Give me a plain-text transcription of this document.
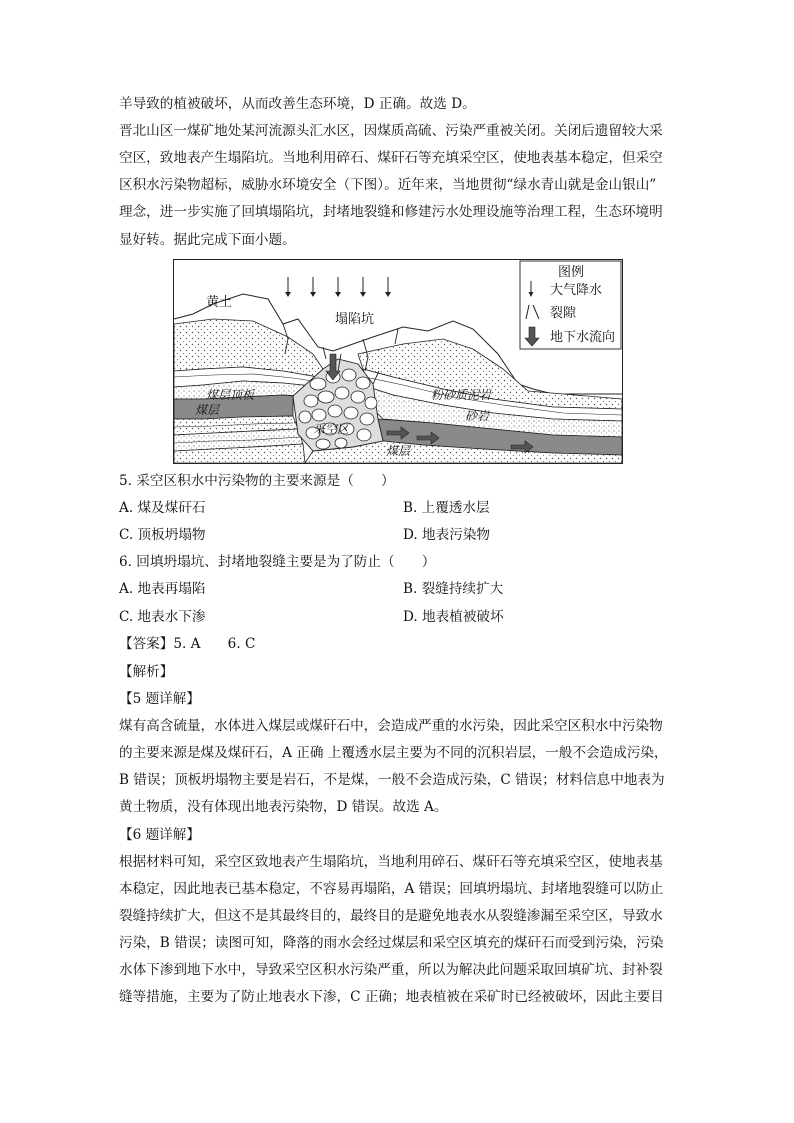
羊导致的植被破坏，从而改善生态环境，D 正确。故选 D。
晋北山区一煤矿地处某河流源头汇水区，因煤质高硫、污染严重被关闭。关闭后遗留较大采
空区，致地表产生塌陷坑。当地利用碎石、煤矸石等充填采空区，使地表基本稳定，但采空
区积水污染物超标，威胁水环境安全（下图）。近年来，当地贯彻“绿水青山就是金山银山”
理念，进一步实施了回填塌陷坑，封堵地裂缝和修建污水处理设施等治理工程，生态环境明
显好转。据此完成下面小题。
黄土
塌陷坑
煤层顶板
煤层
采空区
煤层
粉砂质泥岩
砂岩
图例
大气降水
裂隙
地下水流向
5. 采空区积水中污染物的主要来源是（　　）
A. 煤及煤矸石	B. 上覆透水层
C. 顶板坍塌物	D. 地表污染物
6. 回填坍塌坑、封堵地裂缝主要是为了防止（　　）
A. 地表再塌陷	B. 裂缝持续扩大
C. 地表水下渗	D. 地表植被破坏
【答案】5. A　　6. C
【解析】
【5 题详解】
煤有高含硫量，水体进入煤层或煤矸石中，会造成严重的水污染，因此采空区积水中污染物
的主要来源是煤及煤矸石，A 正确 上覆透水层主要为不同的沉积岩层，一般不会造成污染，
B 错误；顶板坍塌物主要是岩石，不是煤，一般不会造成污染，C 错误；材料信息中地表为
黄土物质，没有体现出地表污染物，D 错误。故选 A。
【6 题详解】
根据材料可知，采空区致地表产生塌陷坑，当地利用碎石、煤矸石等充填采空区，使地表基
本稳定，因此地表已基本稳定，不容易再塌陷，A 错误；回填坍塌坑、封堵地裂缝可以防止
裂缝持续扩大，但这不是其最终目的，最终目的是避免地表水从裂缝渗漏至采空区，导致水
污染，B 错误；读图可知，降落的雨水会经过煤层和采空区填充的煤矸石而受到污染，污染
水体下渗到地下水中，导致采空区积水污染严重，所以为解决此问题采取回填矿坑、封补裂
缝等措施，主要为了防止地表水下渗，C 正确；地表植被在采矿时已经被破坏，因此主要目
